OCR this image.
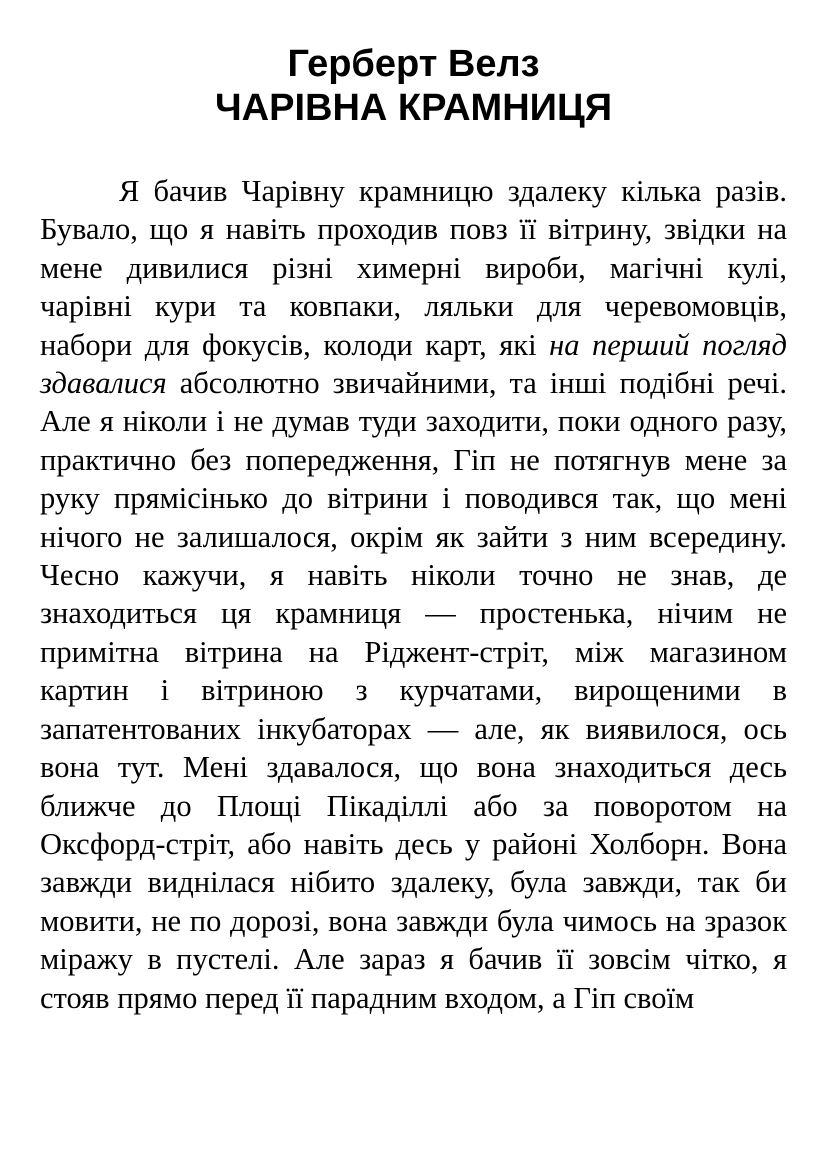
Герберт Велз
ЧАРІВНА КРАМНИЦЯ

Я бачив Чарівну крамницю здалеку кілька разів. Бувало, що я навіть проходив повз її вітрину, звідки на мене дивилися різні химерні вироби, магічні кулі, чарівні кури та ковпаки, ляльки для черевомовців, набори для фокусів, колоди карт, які на перший погляд здавалися абсолютно звичайними, та інші подібні речі. Але я ніколи і не думав туди заходити, поки одного разу, практично без попередження, Гіп не потягнув мене за руку прямісінько до вітрини і поводився так, що мені нічого не залишалося, окрім як зайти з ним всередину. Чесно кажучи, я навіть ніколи точно не знав, де знаходиться ця крамниця — простенька, нічим не примітна вітрина на Ріджент-стріт, між магазином картин і вітриною з курчатами, вирощеними в запатентованих інкубаторах — але, як виявилося, ось вона тут. Мені здавалося, що вона знаходиться десь ближче до Площі Пікаділлі або за поворотом на Оксфорд-стріт, або навіть десь у районі Холборн. Вона завжди виднілася нібито здалеку, була завжди, так би мовити, не по дорозі, вона завжди була чимось на зразок міражу в пустелі. Але зараз я бачив її зовсім чітко, я стояв прямо перед її парадним входом, а Гіп своїм
